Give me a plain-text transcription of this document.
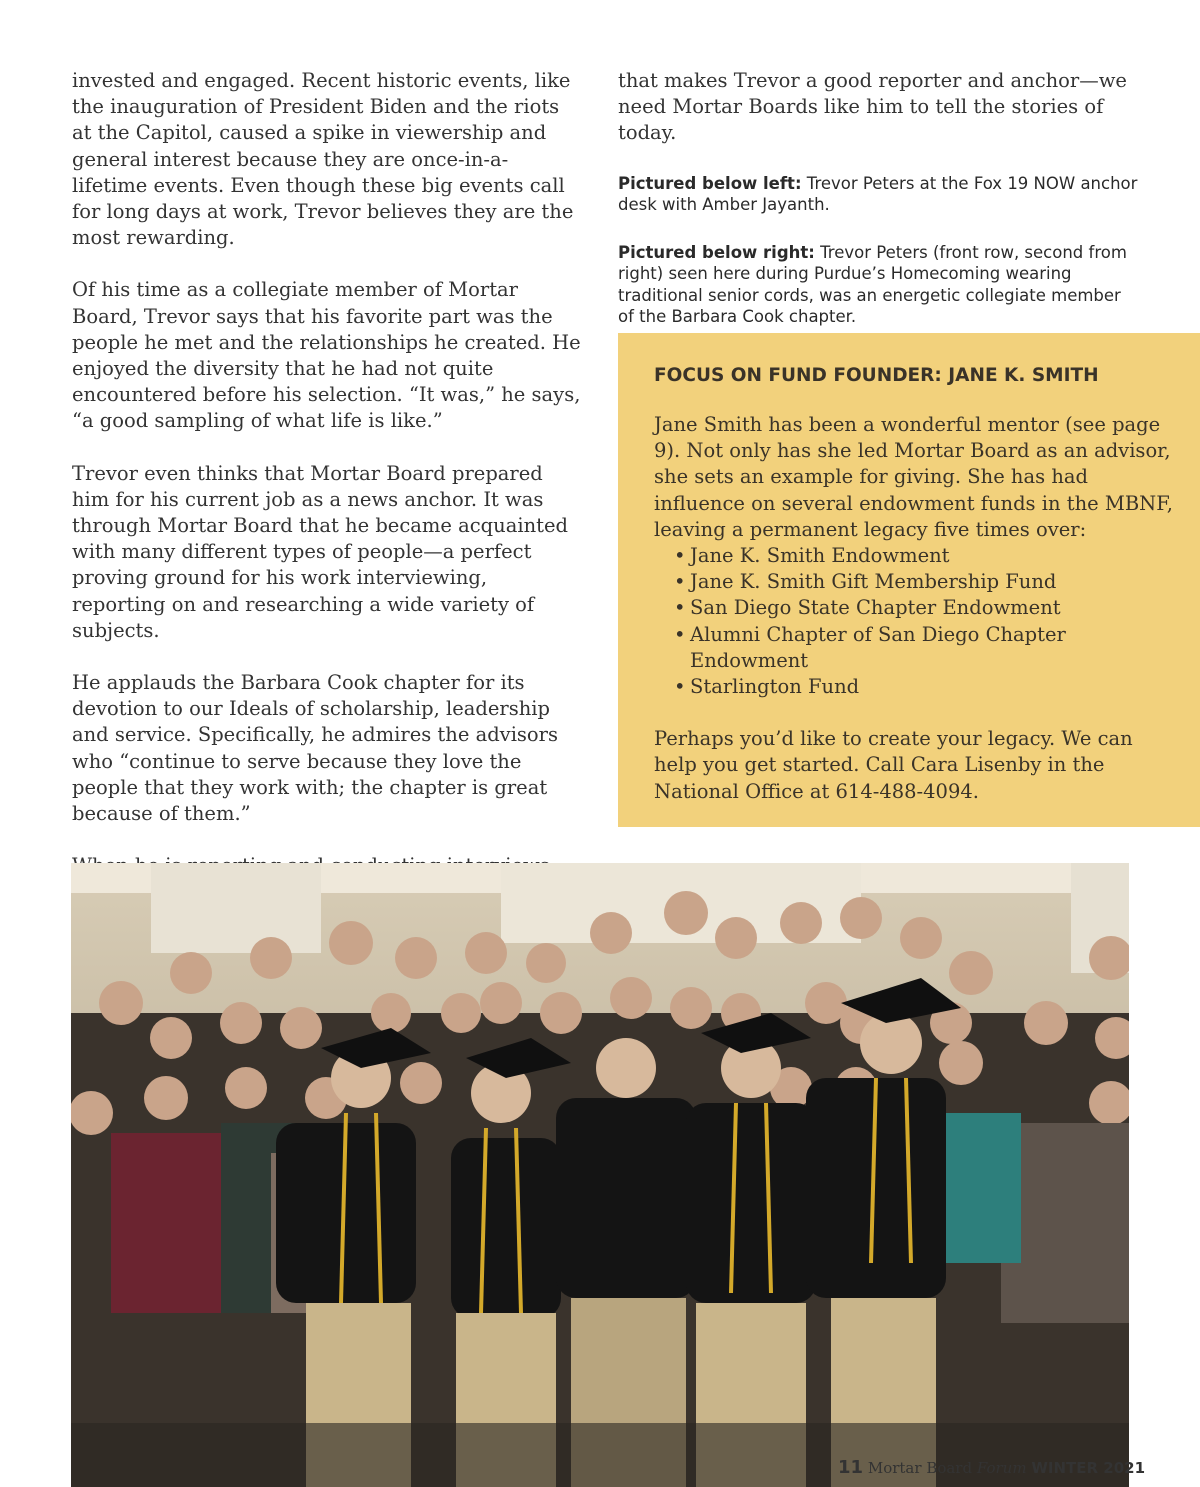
invested and engaged. Recent historic events, like the inauguration of President Biden and the riots at the Capitol, caused a spike in viewership and general interest because they are once-in-a-lifetime events. Even though these big events call for long days at work, Trevor believes they are the most rewarding.

Of his time as a collegiate member of Mortar Board, Trevor says that his favorite part was the people he met and the relationships he created. He enjoyed the diversity that he had not quite encountered before his selection. “It was,” he says, “a good sampling of what life is like.”

Trevor even thinks that Mortar Board prepared him for his current job as a news anchor. It was through Mortar Board that he became acquainted with many different types of people—a perfect proving ground for his work interviewing, reporting on and researching a wide variety of subjects.

He applauds the Barbara Cook chapter for its devotion to our Ideals of scholarship, leadership and service. Specifically, he admires the advisors who “continue to serve because they love the people that they work with; the chapter is great because of them.”

that makes Trevor a good reporter and anchor—we need Mortar Boards like him to tell the stories of today.

Pictured below left: Trevor Peters at the Fox 19 NOW anchor desk with Amber Jayanth.

Pictured below right: Trevor Peters (front row, second from right) seen here during Purdue’s Homecoming wearing traditional senior cords, was an energetic collegiate member of the Barbara Cook chapter.

FOCUS ON FUND FOUNDER: JANE K. SMITH

Jane Smith has been a wonderful mentor (see page 9). Not only has she led Mortar Board as an advisor, she sets an example for giving. She has had influence on several endowment funds in the MBNF, leaving a permanent legacy five times over:

• Jane K. Smith Endowment
• Jane K. Smith Gift Membership Fund
• San Diego State Chapter Endowment
• Alumni Chapter of San Diego Chapter Endowment
• Starlington Fund

Perhaps you’d like to create your legacy. We can help you get started. Call Cara Lisenby in the National Office at 614-488-4094.

11 Mortar Board Forum WINTER 2021
